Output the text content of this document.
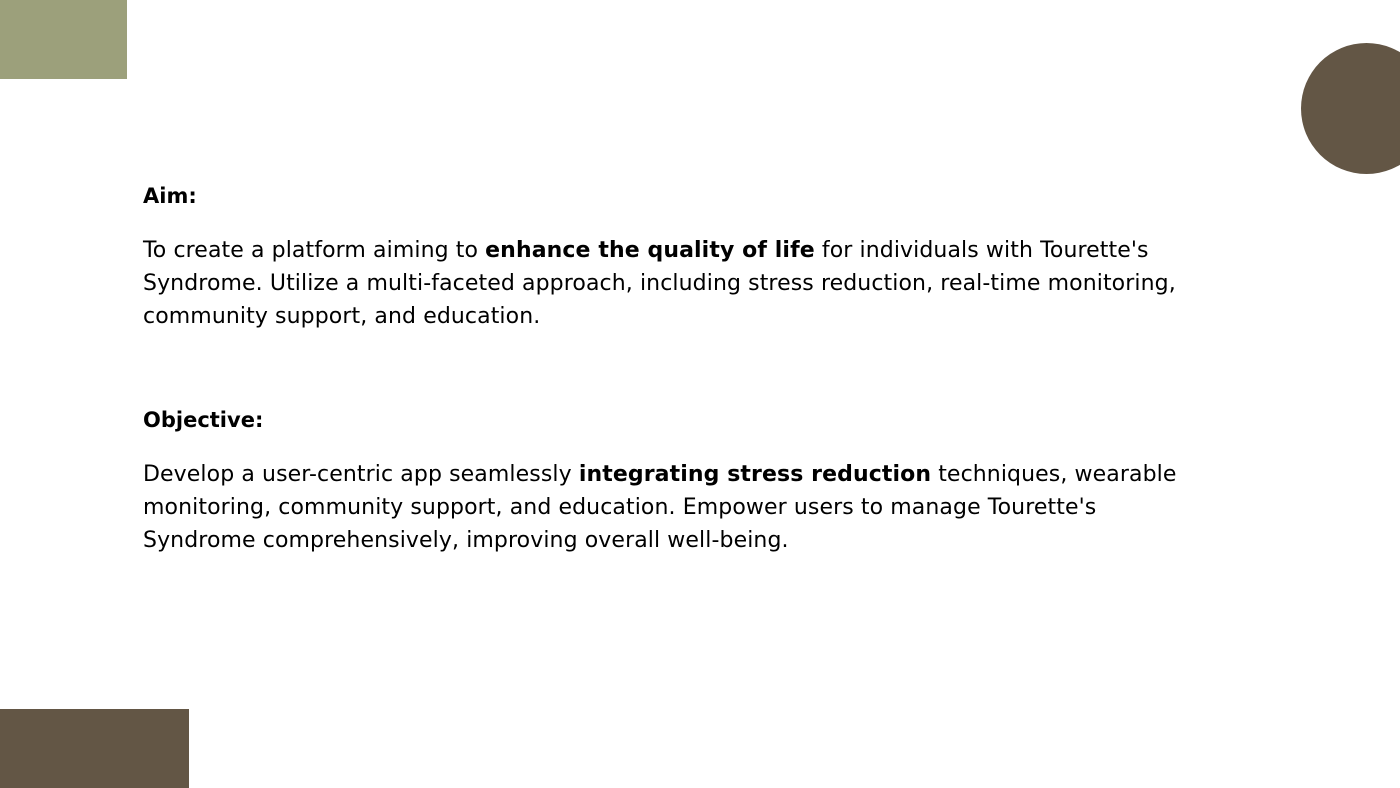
Aim:

To create a platform aiming to enhance the quality of life for individuals with Tourette's Syndrome. Utilize a multi-faceted approach, including stress reduction, real-time monitoring, community support, and education.

Objective:

Develop a user-centric app seamlessly integrating stress reduction techniques, wearable monitoring, community support, and education. Empower users to manage Tourette's Syndrome comprehensively, improving overall well-being.
